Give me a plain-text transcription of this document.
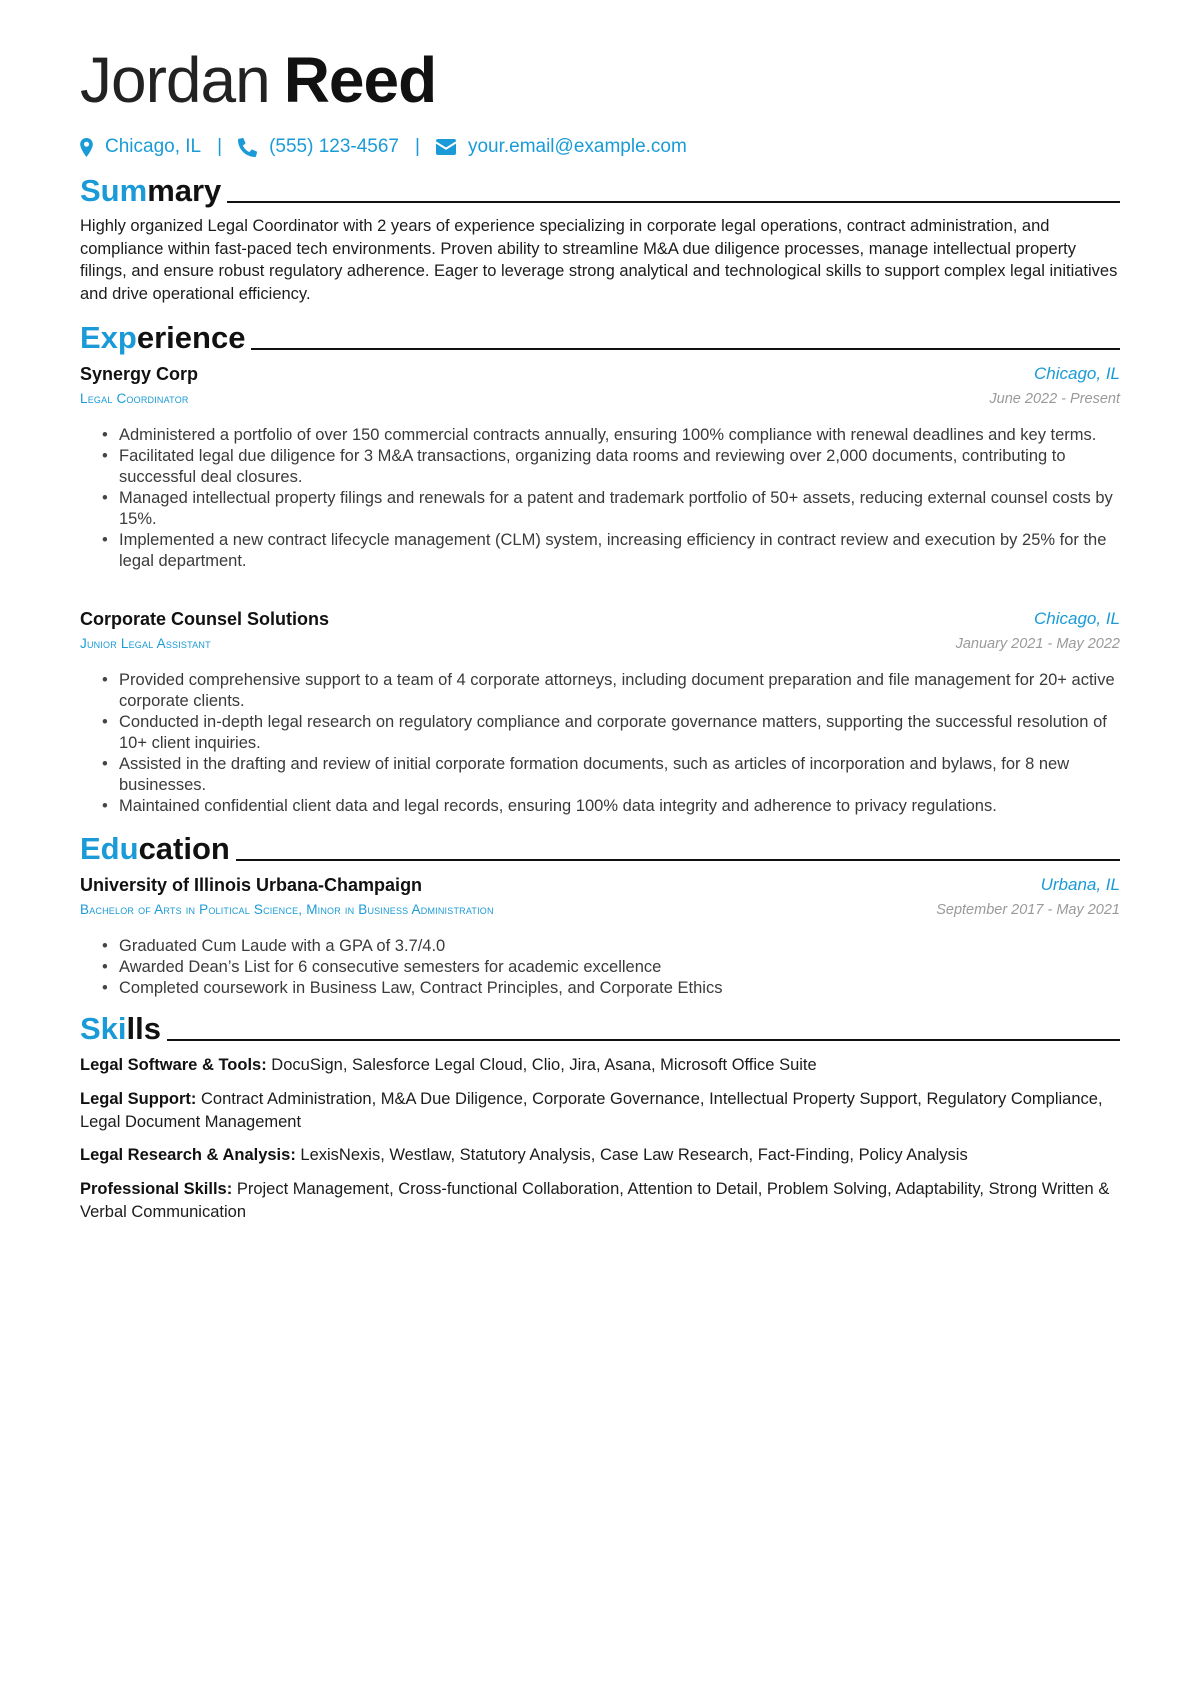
Jordan Reed
Chicago, IL | (555) 123-4567 |	your.email@example.com
Summary
Highly organized Legal Coordinator with 2 years of experience specializing in corporate legal operations, contract administration, and compliance within fast-paced tech environments. Proven ability to streamline M&A due diligence processes, manage intellectual property filings, and ensure robust regulatory adherence. Eager to leverage strong analytical and technological skills to support complex legal initiatives and drive operational efficiency.
Experience
Synergy Corp	Chicago, IL
Legal Coordinator	June 2022 - Present
• Administered a portfolio of over 150 commercial contracts annually, ensuring 100% compliance with renewal deadlines and key terms.
• Facilitated legal due diligence for 3 M&A transactions, organizing data rooms and reviewing over 2,000 documents, contributing to successful deal closures.
• Managed intellectual property filings and renewals for a patent and trademark portfolio of 50+ assets, reducing external counsel costs by 15%.
• Implemented a new contract lifecycle management (CLM) system, increasing efficiency in contract review and execution by 25% for the legal department.
Corporate Counsel Solutions	Chicago, IL
Junior Legal Assistant	January 2021 - May 2022
• Provided comprehensive support to a team of 4 corporate attorneys, including document preparation and file management for 20+ active corporate clients.
• Conducted in-depth legal research on regulatory compliance and corporate governance matters, supporting the successful resolution of 10+ client inquiries.
• Assisted in the drafting and review of initial corporate formation documents, such as articles of incorporation and bylaws, for 8 new businesses.
• Maintained confidential client data and legal records, ensuring 100% data integrity and adherence to privacy regulations.
Education
University of Illinois Urbana-Champaign	Urbana, IL
Bachelor of Arts in Political Science, Minor in Business Administration	September 2017 - May 2021
• Graduated Cum Laude with a GPA of 3.7/4.0
• Awarded Dean’s List for 6 consecutive semesters for academic excellence
• Completed coursework in Business Law, Contract Principles, and Corporate Ethics
Skills
Legal Software & Tools: DocuSign, Salesforce Legal Cloud, Clio, Jira, Asana, Microsoft Office Suite
Legal Support: Contract Administration, M&A Due Diligence, Corporate Governance, Intellectual Property Support, Regulatory Compliance, Legal Document Management
Legal Research & Analysis: LexisNexis, Westlaw, Statutory Analysis, Case Law Research, Fact-Finding, Policy Analysis
Professional Skills: Project Management, Cross-functional Collaboration, Attention to Detail, Problem Solving, Adaptability, Strong Written & Verbal Communication
